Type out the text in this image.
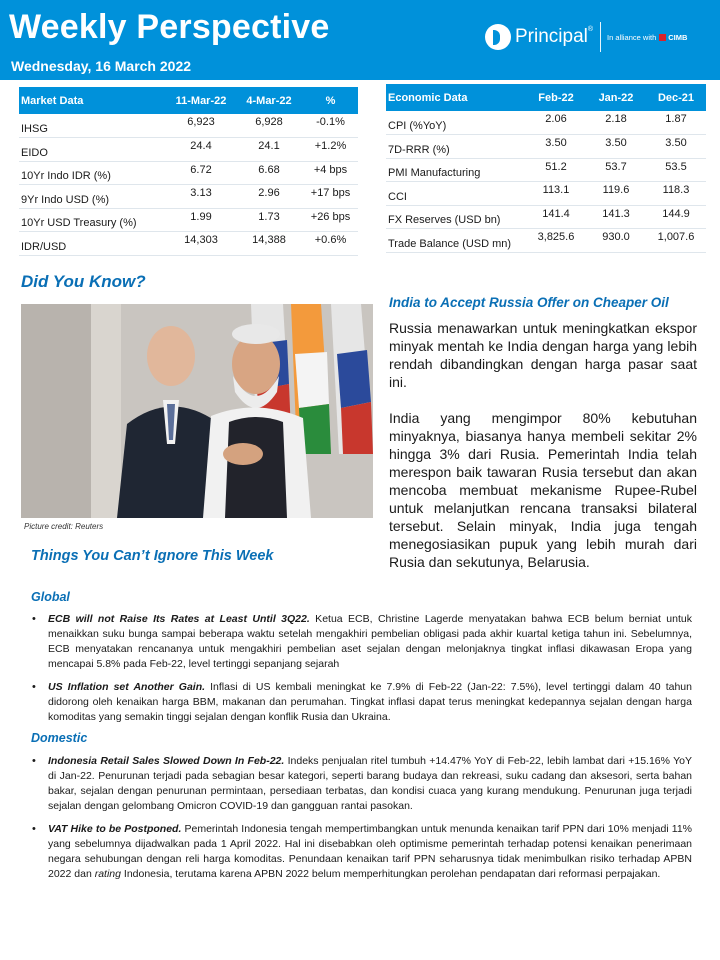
Weekly Perspective
Wednesday, 16 March 2022
Principal®
In alliance with CIMB
Market Data	11-Mar-22	4-Mar-22	%
IHSG	6,923	6,928	-0.1%
EIDO	24.4	24.1	+1.2%
10Yr Indo IDR (%)	6.72	6.68	+4 bps
9Yr Indo USD (%)	3.13	2.96	+17 bps
10Yr USD Treasury (%)	1.99	1.73	+26 bps
IDR/USD	14,303	14,388	+0.6%
Economic Data	Feb-22	Jan-22	Dec-21
CPI (%YoY)	2.06	2.18	1.87
7D-RRR (%)	3.50	3.50	3.50
PMI Manufacturing	51.2	53.7	53.5
CCI	113.1	119.6	118.3
FX Reserves (USD bn)	141.4	141.3	144.9
Trade Balance (USD mn)	3,825.6	930.0	1,007.6
Did You Know?
Picture credit: Reuters
India to Accept Russia Offer on Cheaper Oil

Russia menawarkan untuk meningkatkan ekspor minyak mentah ke India dengan harga yang lebih rendah dibandingkan dengan harga pasar saat ini.

India yang mengimpor 80% kebutuhan minyaknya, biasanya hanya membeli sekitar 2% hingga 3% dari Rusia. Pemerintah India telah merespon baik tawaran Rusia tersebut dan akan mencoba membuat mekanisme Rupee-Rubel untuk melanjutkan rencana transaksi bilateral tersebut. Selain minyak, India juga tengah menegosiasikan pupuk yang lebih murah dari Rusia dan sekutunya, Belarusia.

Things You Can’t Ignore This Week
Global
• ECB will not Raise Its Rates at Least Until 3Q22. Ketua ECB, Christine Lagerde menyatakan bahwa ECB belum berniat untuk menaikkan suku bunga sampai beberapa waktu setelah mengakhiri pembelian obligasi pada akhir kuartal ketiga tahun ini. Sebelumnya, ECB menyatakan rencananya untuk mengakhiri pembelian aset sejalan dengan melonjaknya tingkat inflasi dikawasan Eropa yang mencapai 5.8% pada Feb-22, level tertinggi sepanjang sejarah
• US Inflation set Another Gain. Inflasi di US kembali meningkat ke 7.9% di Feb-22 (Jan-22: 7.5%), level tertinggi dalam 40 tahun didorong oleh kenaikan harga BBM, makanan dan perumahan. Tingkat inflasi dapat terus meningkat kedepannya sejalan dengan harga komoditas yang semakin tinggi sejalan dengan konflik Rusia dan Ukraina.
Domestic
• Indonesia Retail Sales Slowed Down In Feb-22. Indeks penjualan ritel tumbuh +14.47% YoY di Feb-22, lebih lambat dari +15.16% YoY di Jan-22. Penurunan terjadi pada sebagian besar kategori, seperti barang budaya dan rekreasi, suku cadang dan aksesori, serta bahan bakar, sejalan dengan penurunan permintaan, persediaan terbatas, dan kondisi cuaca yang kurang mendukung. Penurunan juga terjadi sejalan dengan gelombang Omicron COVID-19 dan gangguan rantai pasokan.
• VAT Hike to be Postponed. Pemerintah Indonesia tengah mempertimbangkan untuk menunda kenaikan tarif PPN dari 10% menjadi 11% yang sebelumnya dijadwalkan pada 1 April 2022. Hal ini disebabkan oleh optimisme pemerintah terhadap potensi kenaikan penerimaan negara sehubungan dengan reli harga komoditas. Penundaan kenaikan tarif PPN seharusnya tidak menimbulkan risiko terhadap APBN 2022 dan rating Indonesia, terutama karena APBN 2022 belum memperhitungkan perolehan pendapatan dari reformasi perpajakan.
